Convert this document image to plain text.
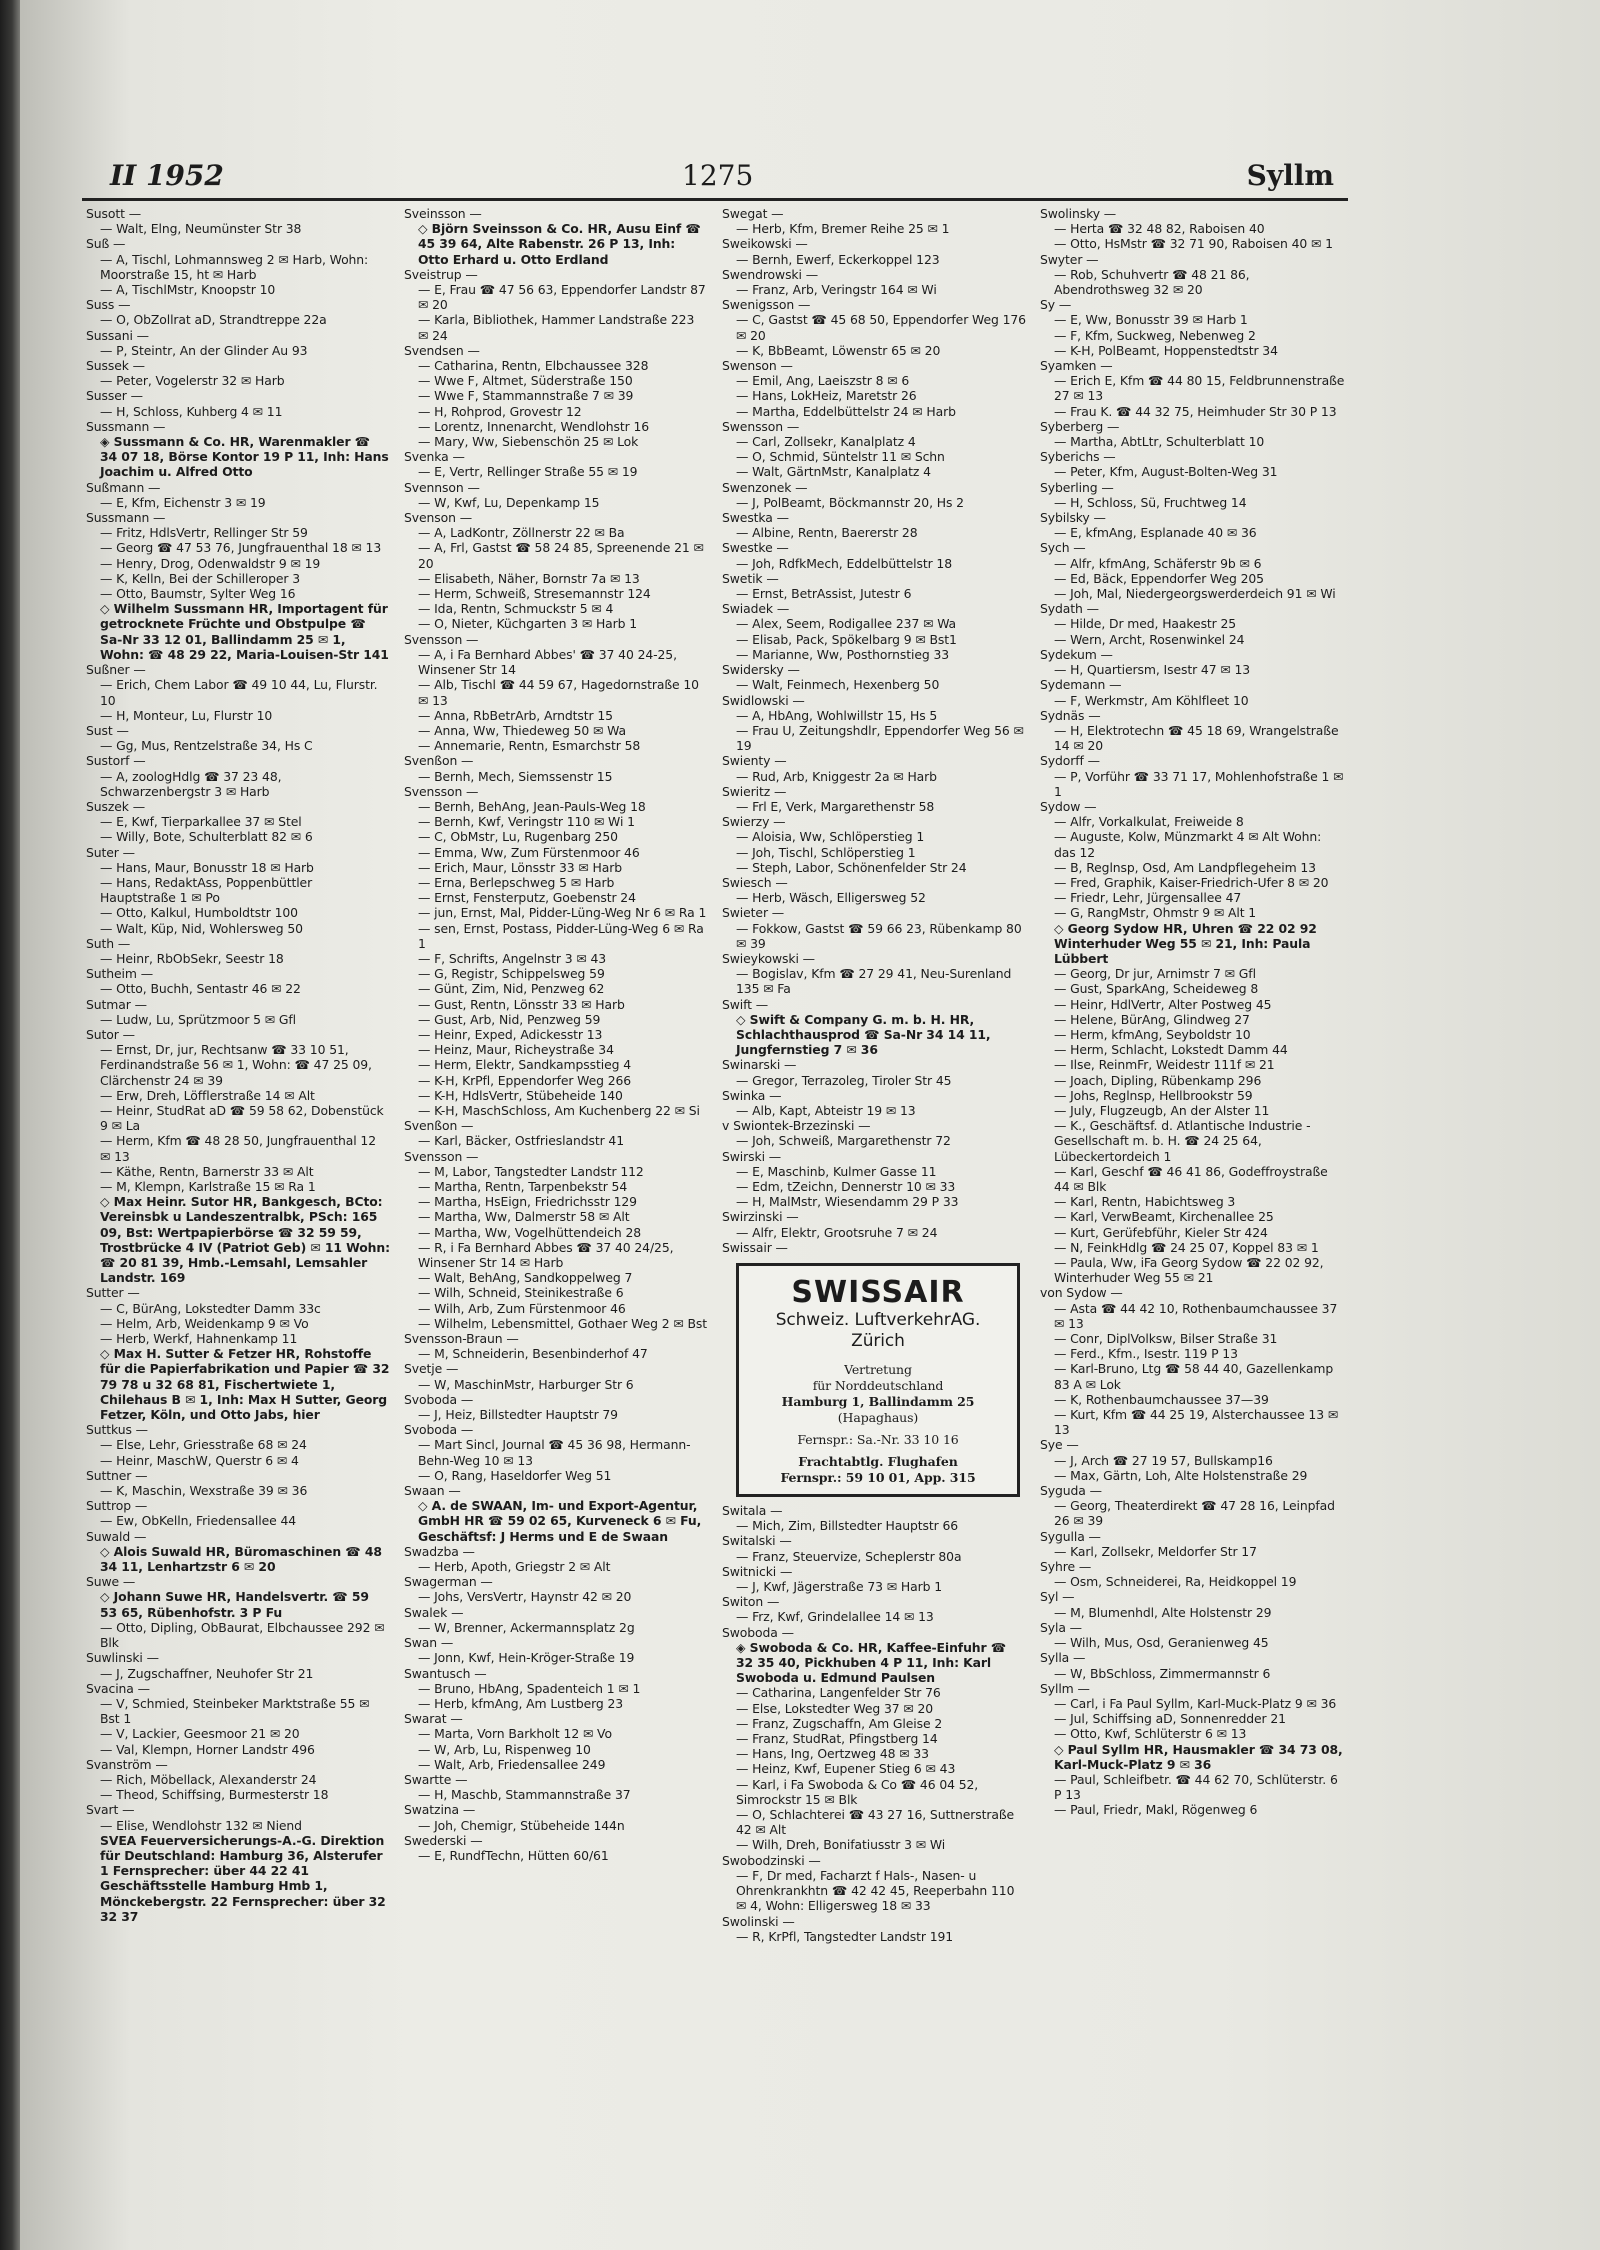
II 1952	1275	Syllm

Susott —

— Walt, Elng, Neumünster Str 38

Suß —

— A, Tischl, Lohmannsweg 2 ✉ Harb, Wohn: Moorstraße 15, ht ✉ Harb

— A, TischlMstr, Knoopstr 10

Suss —

— O, ObZollrat aD, Strandtreppe 22a

Sussani —

— P, Steintr, An der Glinder Au 93

Sussek —

— Peter, Vogelerstr 32 ✉ Harb

Susser —

— H, Schloss, Kuhberg 4 ✉ 11

Sussmann —

◈ Sussmann & Co. HR, Warenmakler ☎ 34 07 18, Börse Kontor 19 P 11, Inh: Hans Joachim u. Alfred Otto

Sußmann —

— E, Kfm, Eichenstr 3 ✉ 19

Sussmann —

— Fritz, HdlsVertr, Rellinger Str 59

— Georg ☎ 47 53 76, Jungfrauenthal 18 ✉ 13

— Henry, Drog, Odenwaldstr 9 ✉ 19

— K, Kelln, Bei der Schilleroper 3

— Otto, Baumstr, Sylter Weg 16

◇ Wilhelm Sussmann HR, Importagent für getrocknete Früchte und Obstpulpe ☎ Sa-Nr 33 12 01, Ballindamm 25 ✉ 1, Wohn: ☎ 48 29 22, Maria-Louisen-Str 141

Sußner —

— Erich, Chem Labor ☎ 49 10 44, Lu, Flurstr. 10

— H, Monteur, Lu, Flurstr 10

Sust —

— Gg, Mus, Rentzelstraße 34, Hs C

Sustorf —

— A, zoologHdlg ☎ 37 23 48, Schwarzenbergstr 3 ✉ Harb

Suszek —

— E, Kwf, Tierparkallee 37 ✉ Stel

— Willy, Bote, Schulterblatt 82 ✉ 6

Suter —

— Hans, Maur, Bonusstr 18 ✉ Harb

— Hans, RedaktAss, Poppenbüttler Hauptstraße 1 ✉ Po

— Otto, Kalkul, Humboldtstr 100

— Walt, Küp, Nid, Wohlersweg 50

Suth —

— Heinr, RbObSekr, Seestr 18

Sutheim —

— Otto, Buchh, Sentastr 46 ✉ 22

Sutmar —

— Ludw, Lu, Sprützmoor 5 ✉ Gfl

Sutor —

— Ernst, Dr, jur, Rechtsanw ☎ 33 10 51, Ferdinandstraße 56 ✉ 1, Wohn: ☎ 47 25 09, Clärchenstr 24 ✉ 39

— Erw, Dreh, Löfflerstraße 14 ✉ Alt

— Heinr, StudRat aD ☎ 59 58 62, Dobenstück 9 ✉ La

— Herm, Kfm ☎ 48 28 50, Jungfrauenthal 12 ✉ 13

— Käthe, Rentn, Barnerstr 33 ✉ Alt

— M, Klempn, Karlstraße 15 ✉ Ra 1

◇ Max Heinr. Sutor HR, Bankgesch, BCto: Vereinsbk u Landeszentralbk, PSch: 165 09, Bst: Wertpapierbörse ☎ 32 59 59, Trostbrücke 4 IV (Patriot Geb) ✉ 11 Wohn: ☎ 20 81 39, Hmb.-Lemsahl, Lemsahler Landstr. 169

Sutter —

— C, BürAng, Lokstedter Damm 33c

— Helm, Arb, Weidenkamp 9 ✉ Vo

— Herb, Werkf, Hahnenkamp 11

◇ Max H. Sutter & Fetzer HR, Rohstoffe für die Papierfabrikation und Papier ☎ 32 79 78 u 32 68 81, Fischertwiete 1, Chilehaus B ✉ 1, Inh: Max H Sutter, Georg Fetzer, Köln, und Otto Jabs, hier

Suttkus —

— Else, Lehr, Griesstraße 68 ✉ 24

— Heinr, MaschW, Querstr 6 ✉ 4

Suttner —

— K, Maschin, Wexstraße 39 ✉ 36

Suttrop —

— Ew, ObKelln, Friedensallee 44

Suwald —

◇ Alois Suwald HR, Büromaschinen ☎ 48 34 11, Lenhartzstr 6 ✉ 20

Suwe —

◇ Johann Suwe HR, Handelsvertr. ☎ 59 53 65, Rübenhofstr. 3 P Fu

— Otto, Dipling, ObBaurat, Elbchaussee 292 ✉ Blk

Suwlinski —

— J, Zugschaffner, Neuhofer Str 21

Svacina —

— V, Schmied, Steinbeker Marktstraße 55 ✉ Bst 1

— V, Lackier, Geesmoor 21 ✉ 20

— Val, Klempn, Horner Landstr 496

Svanström —

— Rich, Möbellack, Alexanderstr 24

— Theod, Schiffsing, Burmesterstr 18

Svart —

— Elise, Wendlohstr 132 ✉ Niend

SVEA Feuerversicherungs-A.-G. Direktion für Deutschland: Hamburg 36, Alsterufer 1 Fernsprecher: über 44 22 41 Geschäftsstelle Hamburg Hmb 1, Mönckebergstr. 22 Fernsprecher: über 32 32 37

Sveinsson —

◇ Björn Sveinsson & Co. HR, Ausu Einf ☎ 45 39 64, Alte Rabenstr. 26 P 13, Inh: Otto Erhard u. Otto Erdland

Sveistrup —

— E, Frau ☎ 47 56 63, Eppendorfer Landstr 87 ✉ 20

— Karla, Bibliothek, Hammer Landstraße 223 ✉ 24

Svendsen —

— Catharina, Rentn, Elbchaussee 328

— Wwe F, Altmet, Süderstraße 150

— Wwe F, Stammannstraße 7 ✉ 39

— H, Rohprod, Grovestr 12

— Lorentz, Innenarcht, Wendlohstr 16

— Mary, Ww, Siebenschön 25 ✉ Lok

Svenka —

— E, Vertr, Rellinger Straße 55 ✉ 19

Svennson —

— W, Kwf, Lu, Depenkamp 15

Svenson —

— A, LadKontr, Zöllnerstr 22 ✉ Ba

— A, Frl, Gastst ☎ 58 24 85, Spreenende 21 ✉ 20

— Elisabeth, Näher, Bornstr 7a ✉ 13

— Herm, Schweiß, Stresemannstr 124

— Ida, Rentn, Schmuckstr 5 ✉ 4

— O, Nieter, Küchgarten 3 ✉ Harb 1

Svensson —

— A, i Fa Bernhard Abbes' ☎ 37 40 24-25, Winsener Str 14

— Alb, Tischl ☎ 44 59 67, Hagedornstraße 10 ✉ 13

— Anna, RbBetrArb, Arndtstr 15

— Anna, Ww, Thiedeweg 50 ✉ Wa

— Annemarie, Rentn, Esmarchstr 58

Svenßon —

— Bernh, Mech, Siemssenstr 15

Svensson —

— Bernh, BehAng, Jean-Pauls-Weg 18

— Bernh, Kwf, Veringstr 110 ✉ Wi 1

— C, ObMstr, Lu, Rugenbarg 250

— Emma, Ww, Zum Fürstenmoor 46

— Erich, Maur, Lönsstr 33 ✉ Harb

— Erna, Berlepschweg 5 ✉ Harb

— Ernst, Fensterputz, Goebenstr 24

— jun, Ernst, Mal, Pidder-Lüng-Weg Nr 6 ✉ Ra 1

— sen, Ernst, Postass, Pidder-Lüng-Weg 6 ✉ Ra 1

— F, Schrifts, Angelnstr 3 ✉ 43

— G, Registr, Schippelsweg 59

— Günt, Zim, Nid, Penzweg 62

— Gust, Rentn, Lönsstr 33 ✉ Harb

— Gust, Arb, Nid, Penzweg 59

— Heinr, Exped, Adickesstr 13

— Heinz, Maur, Richeystraße 34

— Herm, Elektr, Sandkampsstieg 4

— K-H, KrPfl, Eppendorfer Weg 266

— K-H, HdlsVertr, Stübeheide 140

— K-H, MaschSchloss, Am Kuchenberg 22 ✉ Si

Svenßon —

— Karl, Bäcker, Ostfrieslandstr 41

Svensson —

— M, Labor, Tangstedter Landstr 112

— Martha, Rentn, Tarpenbekstr 54

— Martha, HsEign, Friedrichsstr 129

— Martha, Ww, Dalmerstr 58 ✉ Alt

— Martha, Ww, Vogelhüttendeich 28

— R, i Fa Bernhard Abbes ☎ 37 40 24/25, Winsener Str 14 ✉ Harb

— Walt, BehAng, Sandkoppelweg 7

— Wilh, Schneid, Steinikestraße 6

— Wilh, Arb, Zum Fürstenmoor 46

— Wilhelm, Lebensmittel, Gothaer Weg 2 ✉ Bst

Svensson-Braun —

— M, Schneiderin, Besenbinderhof 47

Svetje —

— W, MaschinMstr, Harburger Str 6

Svoboda —

— J, Heiz, Billstedter Hauptstr 79

Svoboda —

— Mart Sincl, Journal ☎ 45 36 98, Hermann-Behn-Weg 10 ✉ 13

— O, Rang, Haseldorfer Weg 51

Swaan —

◇ A. de SWAAN, Im- und Export-Agentur, GmbH HR ☎ 59 02 65, Kurveneck 6 ✉ Fu, Geschäftsf: J Herms und E de Swaan

Swadzba —

— Herb, Apoth, Griegstr 2 ✉ Alt

Swagerman —

— Johs, VersVertr, Haynstr 42 ✉ 20

Swalek —

— W, Brenner, Ackermannsplatz 2g

Swan —

— Jonn, Kwf, Hein-Kröger-Straße 19

Swantusch —

— Bruno, HbAng, Spadenteich 1 ✉ 1

— Herb, kfmAng, Am Lustberg 23

Swarat —

— Marta, Vorn Barkholt 12 ✉ Vo

— W, Arb, Lu, Rispenweg 10

— Walt, Arb, Friedensallee 249

Swartte —

— H, Maschb, Stammannstraße 37

Swatzina —

— Joh, Chemigr, Stübeheide 144n

Swederski —

— E, RundfTechn, Hütten 60/61

Swegat —

— Herb, Kfm, Bremer Reihe 25 ✉ 1

Sweikowski —

— Bernh, Ewerf, Eckerkoppel 123

Swendrowski —

— Franz, Arb, Veringstr 164 ✉ Wi

Swenigsson —

— C, Gastst ☎ 45 68 50, Eppendorfer Weg 176 ✉ 20

— K, BbBeamt, Löwenstr 65 ✉ 20

Swenson —

— Emil, Ang, Laeiszstr 8 ✉ 6

— Hans, LokHeiz, Maretstr 26

— Martha, Eddelbüttelstr 24 ✉ Harb

Swensson —

— Carl, Zollsekr, Kanalplatz 4

— O, Schmid, Süntelstr 11 ✉ Schn

— Walt, GärtnMstr, Kanalplatz 4

Swenzonek —

— J, PolBeamt, Böckmannstr 20, Hs 2

Swestka —

— Albine, Rentn, Baererstr 28

Swestke —

— Joh, RdfkMech, Eddelbüttelstr 18

Swetik —

— Ernst, BetrAssist, Jutestr 6

Swiadek —

— Alex, Seem, Rodigallee 237 ✉ Wa

— Elisab, Pack, Spökelbarg 9 ✉ Bst1

— Marianne, Ww, Posthornstieg 33

Swidersky —

— Walt, Feinmech, Hexenberg 50

Swidlowski —

— A, HbAng, Wohlwillstr 15, Hs 5

— Frau U, Zeitungshdlr, Eppendorfer Weg 56 ✉ 19

Swienty —

— Rud, Arb, Kniggestr 2a ✉ Harb

Swieritz —

— Frl E, Verk, Margarethenstr 58

Swierzy —

— Aloisia, Ww, Schlöperstieg 1

— Joh, Tischl, Schlöperstieg 1

— Steph, Labor, Schönenfelder Str 24

Swiesch —

— Herb, Wäsch, Elligersweg 52

Swieter —

— Fokkow, Gastst ☎ 59 66 23, Rübenkamp 80 ✉ 39

Swieykowski —

— Bogislav, Kfm ☎ 27 29 41, Neu-Surenland 135 ✉ Fa

Swift —

◇ Swift & Company G. m. b. H. HR, Schlachthausprod ☎ Sa-Nr 34 14 11, Jungfernstieg 7 ✉ 36

Swinarski —

— Gregor, Terrazoleg, Tiroler Str 45

Swinka —

— Alb, Kapt, Abteistr 19 ✉ 13

v Swiontek-Brzezinski —

— Joh, Schweiß, Margarethenstr 72

Swirski —

— E, Maschinb, Kulmer Gasse 11

— Edm, tZeichn, Dennerstr 10 ✉ 33

— H, MalMstr, Wiesendamm 29 P 33

Swirzinski —

— Alfr, Elektr, Grootsruhe 7 ✉ 24

Swissair —

SWISSAIR
Schweiz. LuftverkehrAG.
Zürich
Vertretung
für Norddeutschland
Hamburg 1, Ballindamm 25
(Hapaghaus)
Fernspr.: Sa.-Nr. 33 10 16
Frachtabtlg. Flughafen
Fernspr.: 59 10 01, App. 315

Switala —

— Mich, Zim, Billstedter Hauptstr 66

Switalski —

— Franz, Steuervize, Scheplerstr 80a

Switnicki —

— J, Kwf, Jägerstraße 73 ✉ Harb 1

Switon —

— Frz, Kwf, Grindelallee 14 ✉ 13

Swoboda —

◈ Swoboda & Co. HR, Kaffee-Einfuhr ☎ 32 35 40, Pickhuben 4 P 11, Inh: Karl Swoboda u. Edmund Paulsen

— Catharina, Langenfelder Str 76

— Else, Lokstedter Weg 37 ✉ 20

— Franz, Zugschaffn, Am Gleise 2

— Franz, StudRat, Pfingstberg 14

— Hans, Ing, Oertzweg 48 ✉ 33

— Heinz, Kwf, Eupener Stieg 6 ✉ 43

— Karl, i Fa Swoboda & Co ☎ 46 04 52, Simrockstr 15 ✉ Blk

— O, Schlachterei ☎ 43 27 16, Suttnerstraße 42 ✉ Alt

— Wilh, Dreh, Bonifatiusstr 3 ✉ Wi

Swobodzinski —

— F, Dr med, Facharzt f Hals-, Nasen- u Ohrenkrankhtn ☎ 42 42 45, Reeperbahn 110 ✉ 4, Wohn: Elligersweg 18 ✉ 33

Swolinski —

— R, KrPfl, Tangstedter Landstr 191

Swolinsky —

— Herta ☎ 32 48 82, Raboisen 40

— Otto, HsMstr ☎ 32 71 90, Raboisen 40 ✉ 1

Swyter —

— Rob, Schuhvertr ☎ 48 21 86, Abendrothsweg 32 ✉ 20

Sy —

— E, Ww, Bonusstr 39 ✉ Harb 1

— F, Kfm, Suckweg, Nebenweg 2

— K-H, PolBeamt, Hoppenstedtstr 34

Syamken —

— Erich E, Kfm ☎ 44 80 15, Feldbrunnenstraße 27 ✉ 13

— Frau K. ☎ 44 32 75, Heimhuder Str 30 P 13

Syberberg —

— Martha, AbtLtr, Schulterblatt 10

Syberichs —

— Peter, Kfm, August-Bolten-Weg 31

Syberling —

— H, Schloss, Sü, Fruchtweg 14

Sybilsky —

— E, kfmAng, Esplanade 40 ✉ 36

Sych —

— Alfr, kfmAng, Schäferstr 9b ✉ 6

— Ed, Bäck, Eppendorfer Weg 205

— Joh, Mal, Niedergeorgswerderdeich 91 ✉ Wi

Sydath —

— Hilde, Dr med, Haakestr 25

— Wern, Archt, Rosenwinkel 24

Sydekum —

— H, Quartiersm, Isestr 47 ✉ 13

Sydemann —

— F, Werkmstr, Am Köhlfleet 10

Sydnäs —

— H, Elektrotechn ☎ 45 18 69, Wrangelstraße 14 ✉ 20

Sydorff —

— P, Vorführ ☎ 33 71 17, Mohlenhofstraße 1 ✉ 1

Sydow —

— Alfr, Vorkalkulat, Freiweide 8

— Auguste, Kolw, Münzmarkt 4 ✉ Alt Wohn: das 12

— B, Reglnsp, Osd, Am Landpflegeheim 13

— Fred, Graphik, Kaiser-Friedrich-Ufer 8 ✉ 20

— Friedr, Lehr, Jürgensallee 47

— G, RangMstr, Ohmstr 9 ✉ Alt 1

◇ Georg Sydow HR, Uhren ☎ 22 02 92 Winterhuder Weg 55 ✉ 21, Inh: Paula Lübbert

— Georg, Dr jur, Arnimstr 7 ✉ Gfl

— Gust, SparkAng, Scheideweg 8

— Heinr, HdlVertr, Alter Postweg 45

— Helene, BürAng, Glindweg 27

— Herm, kfmAng, Seyboldstr 10

— Herm, Schlacht, Lokstedt Damm 44

— Ilse, ReinmFr, Weidestr 111f ✉ 21

— Joach, Dipling, Rübenkamp 296

— Johs, Reglnsp, Hellbrookstr 59

— July, Flugzeugb, An der Alster 11

— K., Geschäftsf. d. Atlantische Industrie - Gesellschaft m. b. H. ☎ 24 25 64, Lübeckertordeich 1

— Karl, Geschf ☎ 46 41 86, Godeffroystraße 44 ✉ Blk

— Karl, Rentn, Habichtsweg 3

— Karl, VerwBeamt, Kirchenallee 25

— Kurt, Gerüfebführ, Kieler Str 424

— N, FeinkHdlg ☎ 24 25 07, Koppel 83 ✉ 1

— Paula, Ww, iFa Georg Sydow ☎ 22 02 92, Winterhuder Weg 55 ✉ 21

von Sydow —

— Asta ☎ 44 42 10, Rothenbaumchaussee 37 ✉ 13

— Conr, DiplVolksw, Bilser Straße 31

— Ferd., Kfm., Isestr. 119 P 13

— Karl-Bruno, Ltg ☎ 58 44 40, Gazellenkamp 83 A ✉ Lok

— K, Rothenbaumchaussee 37—39

— Kurt, Kfm ☎ 44 25 19, Alsterchaussee 13 ✉ 13

Sye —

— J, Arch ☎ 27 19 57, Bullskamp16

— Max, Gärtn, Loh, Alte Holstenstraße 29

Syguda —

— Georg, Theaterdirekt ☎ 47 28 16, Leinpfad 26 ✉ 39

Sygulla —

— Karl, Zollsekr, Meldorfer Str 17

Syhre —

— Osm, Schneiderei, Ra, Heidkoppel 19

Syl —

— M, Blumenhdl, Alte Holstenstr 29

Syla —

— Wilh, Mus, Osd, Geranienweg 45

Sylla —

— W, BbSchloss, Zimmermannstr 6

Syllm —

— Carl, i Fa Paul Syllm, Karl-Muck-Platz 9 ✉ 36

— Jul, Schiffsing aD, Sonnenredder 21

— Otto, Kwf, Schlüterstr 6 ✉ 13

◇ Paul Syllm HR, Hausmakler ☎ 34 73 08, Karl-Muck-Platz 9 ✉ 36

— Paul, Schleifbetr. ☎ 44 62 70, Schlüterstr. 6 P 13

— Paul, Friedr, Makl, Rögenweg 6
